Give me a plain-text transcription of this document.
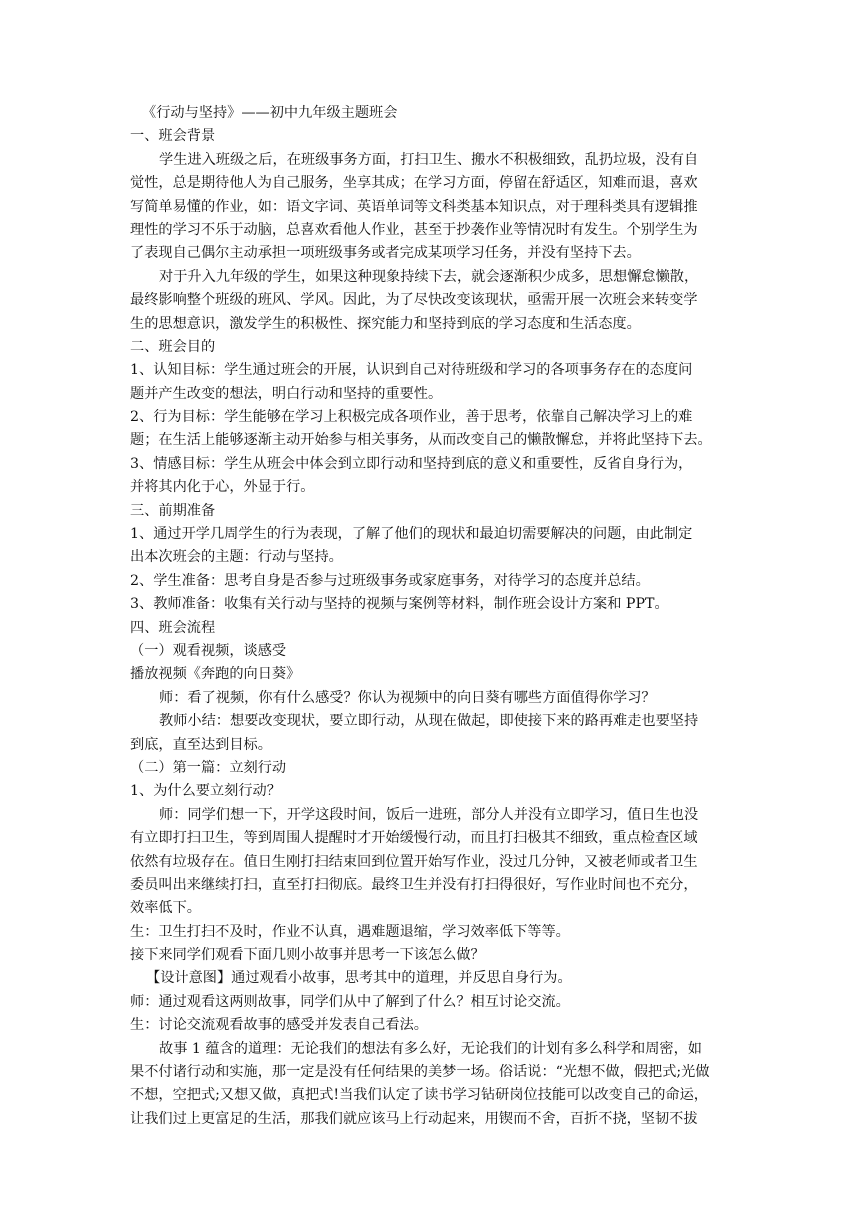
《行动与坚持》——初中九年级主题班会

一、班会背景

学生进入班级之后，在班级事务方面，打扫卫生、搬水不积极细致，乱扔垃圾，没有自

觉性，总是期待他人为自己服务，坐享其成；在学习方面，停留在舒适区，知难而退，喜欢

写简单易懂的作业，如：语文字词、英语单词等文科类基本知识点，对于理科类具有逻辑推

理性的学习不乐于动脑，总喜欢看他人作业，甚至于抄袭作业等情况时有发生。个别学生为

了表现自己偶尔主动承担一项班级事务或者完成某项学习任务，并没有坚持下去。

对于升入九年级的学生，如果这种现象持续下去，就会逐渐积少成多，思想懈怠懒散，

最终影响整个班级的班风、学风。因此，为了尽快改变该现状，亟需开展一次班会来转变学

生的思想意识，激发学生的积极性、探究能力和坚持到底的学习态度和生活态度。

二、班会目的

1、认知目标：学生通过班会的开展，认识到自己对待班级和学习的各项事务存在的态度问

题并产生改变的想法，明白行动和坚持的重要性。

2、行为目标：学生能够在学习上积极完成各项作业，善于思考，依靠自己解决学习上的难

题；在生活上能够逐渐主动开始参与相关事务，从而改变自己的懒散懈怠，并将此坚持下去。

3、情感目标：学生从班会中体会到立即行动和坚持到底的意义和重要性，反省自身行为，

并将其内化于心，外显于行。

三、前期准备

1、通过开学几周学生的行为表现，了解了他们的现状和最迫切需要解决的问题，由此制定

出本次班会的主题：行动与坚持。

2、学生准备：思考自身是否参与过班级事务或家庭事务，对待学习的态度并总结。

3、教师准备：收集有关行动与坚持的视频与案例等材料，制作班会设计方案和 PPT。

四、班会流程

（一）观看视频，谈感受

播放视频《奔跑的向日葵》

师：看了视频，你有什么感受？你认为视频中的向日葵有哪些方面值得你学习？

教师小结：想要改变现状，要立即行动，从现在做起，即使接下来的路再难走也要坚持

到底，直至达到目标。

（二）第一篇：立刻行动

1、为什么要立刻行动？

师：同学们想一下，开学这段时间，饭后一进班，部分人并没有立即学习，值日生也没

有立即打扫卫生，等到周围人提醒时才开始缓慢行动，而且打扫极其不细致，重点检查区域

依然有垃圾存在。值日生刚打扫结束回到位置开始写作业，没过几分钟，又被老师或者卫生

委员叫出来继续打扫，直至打扫彻底。最终卫生并没有打扫得很好，写作业时间也不充分，

效率低下。

生：卫生打扫不及时，作业不认真，遇难题退缩，学习效率低下等等。

接下来同学们观看下面几则小故事并思考一下该怎么做？

【设计意图】通过观看小故事，思考其中的道理，并反思自身行为。

师：通过观看这两则故事，同学们从中了解到了什么？相互讨论交流。

生：讨论交流观看故事的感受并发表自己看法。

故事 1 蕴含的道理：无论我们的想法有多么好，无论我们的计划有多么科学和周密，如

果不付诸行动和实施，那一定是没有任何结果的美梦一场。俗话说：“光想不做，假把式;光做

不想，空把式;又想又做，真把式!当我们认定了读书学习钻研岗位技能可以改变自己的命运，

让我们过上更富足的生活，那我们就应该马上行动起来，用锲而不舍，百折不挠，坚韧不拔
